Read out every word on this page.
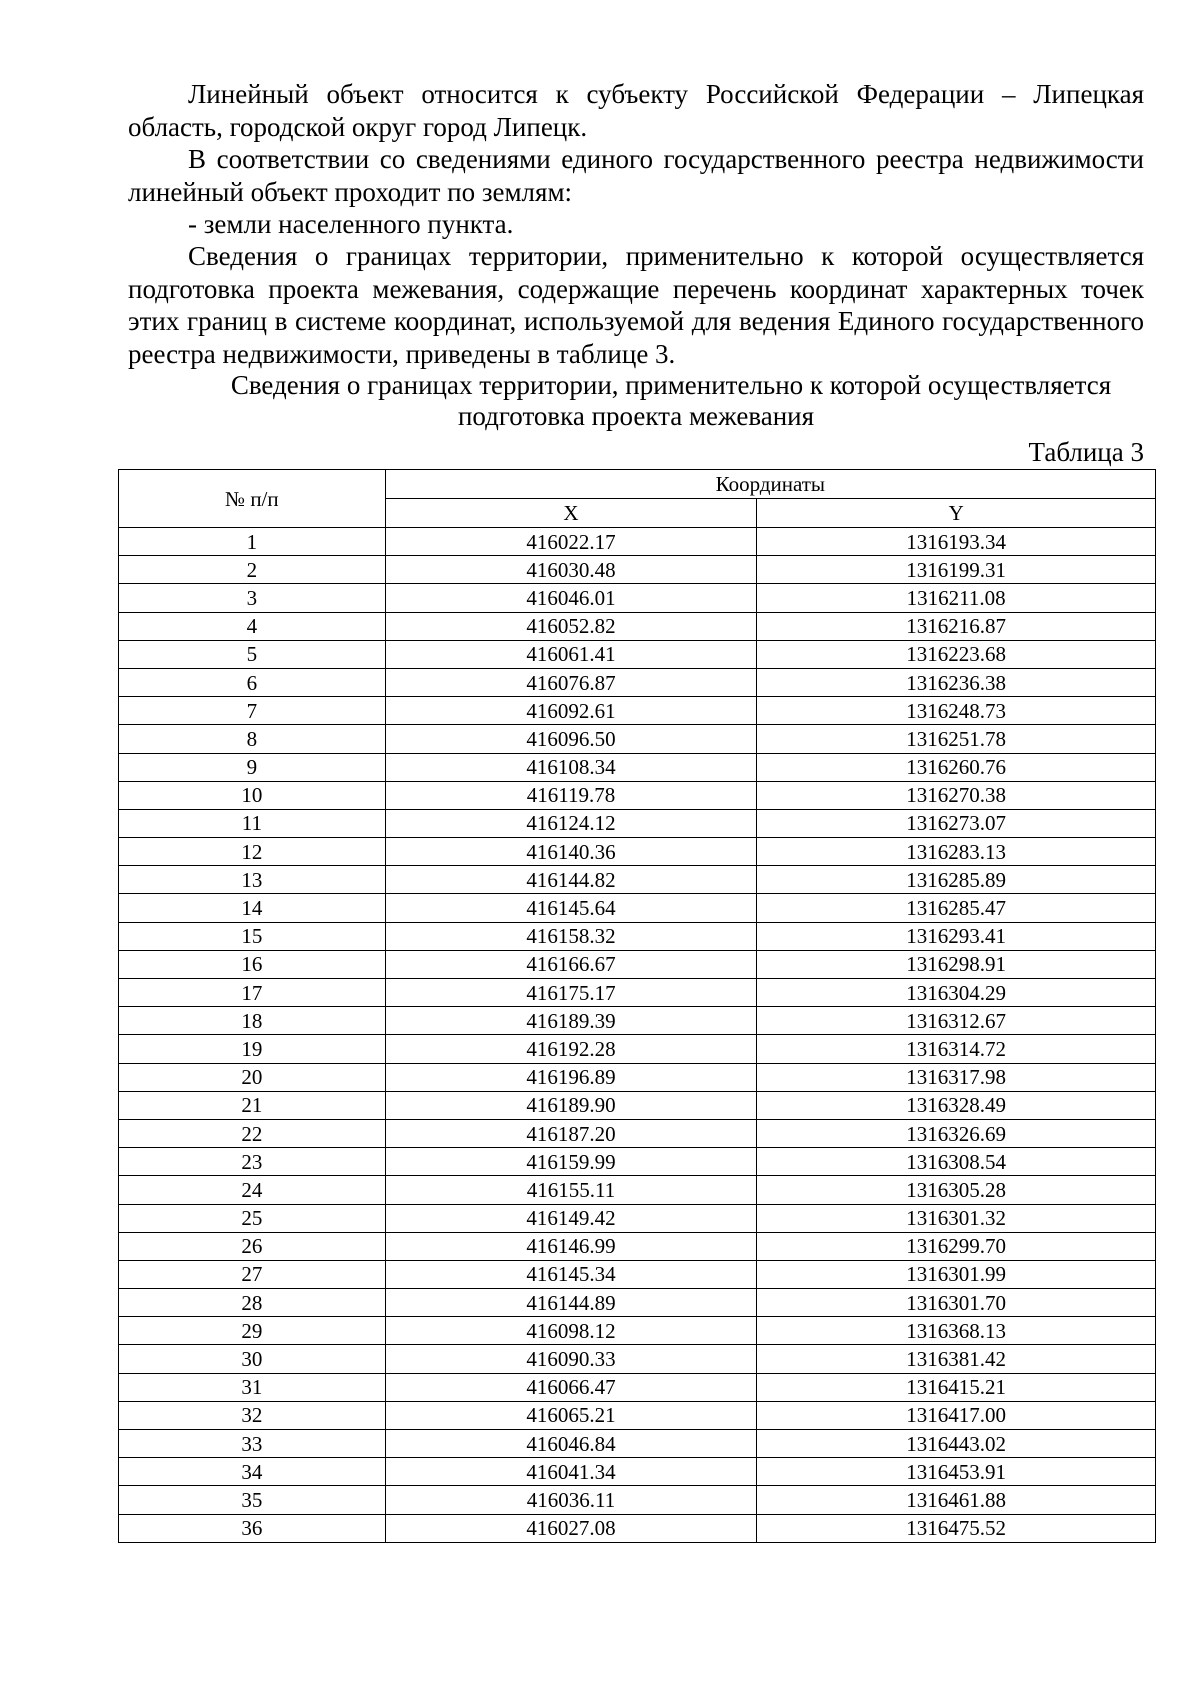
Линейный объект относится к субъекту Российской Федерации – Липецкая область, городской округ город Липецк.

В соответствии со сведениями единого государственного реестра недвижимости линейный объект проходит по землям:

- земли населенного пункта.

Сведения о границах территории, применительно к которой осуществляется подготовка проекта межевания, содержащие перечень координат характерных точек этих границ в системе координат, используемой для ведения Единого государственного реестра недвижимости, приведены в таблице 3.

Сведения о границах территории, применительно к которой осуществляется
подготовка проекта межевания
Таблица 3
№ п/п	Координаты	
	X	Y
1	416022.17	1316193.34
2	416030.48	1316199.31
3	416046.01	1316211.08
4	416052.82	1316216.87
5	416061.41	1316223.68
6	416076.87	1316236.38
7	416092.61	1316248.73
8	416096.50	1316251.78
9	416108.34	1316260.76
10	416119.78	1316270.38
11	416124.12	1316273.07
12	416140.36	1316283.13
13	416144.82	1316285.89
14	416145.64	1316285.47
15	416158.32	1316293.41
16	416166.67	1316298.91
17	416175.17	1316304.29
18	416189.39	1316312.67
19	416192.28	1316314.72
20	416196.89	1316317.98
21	416189.90	1316328.49
22	416187.20	1316326.69
23	416159.99	1316308.54
24	416155.11	1316305.28
25	416149.42	1316301.32
26	416146.99	1316299.70
27	416145.34	1316301.99
28	416144.89	1316301.70
29	416098.12	1316368.13
30	416090.33	1316381.42
31	416066.47	1316415.21
32	416065.21	1316417.00
33	416046.84	1316443.02
34	416041.34	1316453.91
35	416036.11	1316461.88
36	416027.08	1316475.52
